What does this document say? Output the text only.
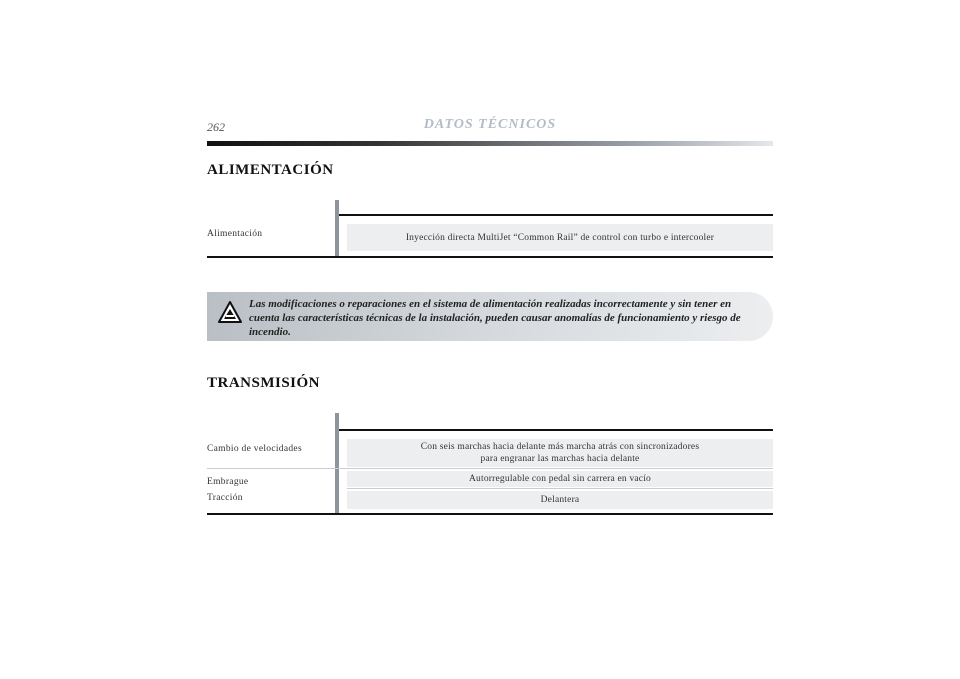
262	DATOS TÉCNICOS
ALIMENTACIÓN
Alimentación	Inyección directa MultiJet “Common Rail” de control con turbo e intercooler
Las modificaciones o reparaciones en el sistema de alimentación realizadas incorrectamente y sin tener en cuenta las características técnicas de la instalación, pueden causar anomalías de funcionamiento y riesgo de incendio.
TRANSMISIÓN
Cambio de velocidades	Con seis marchas hacia delante más marcha atrás con sincronizadores
para engranar las marchas hacia delante
Embrague	Autorregulable con pedal sin carrera en vacío
Tracción	Delantera
